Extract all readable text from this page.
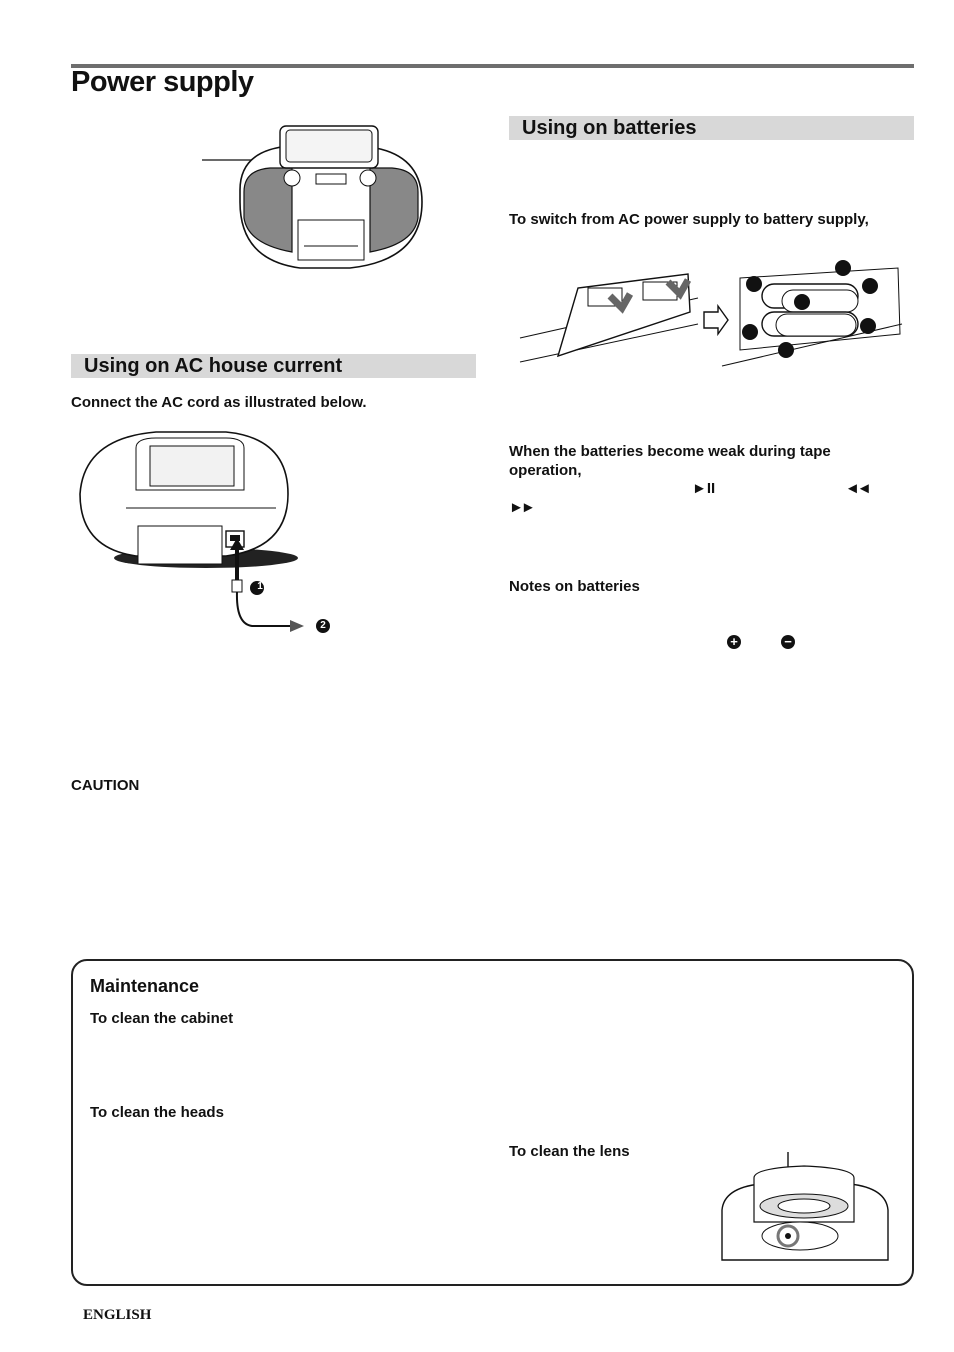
Power supply
Using on AC house current
Connect the AC cord as illustrated below.
1
2
CAUTION
Using on batteries
To switch from AC power supply to battery supply,
When the batteries become weak during tape
operation,
►II	◄◄
►►
Notes on batteries
+	−
Maintenance
To clean the cabinet
To clean the heads
To clean the lens
ENGLISH
